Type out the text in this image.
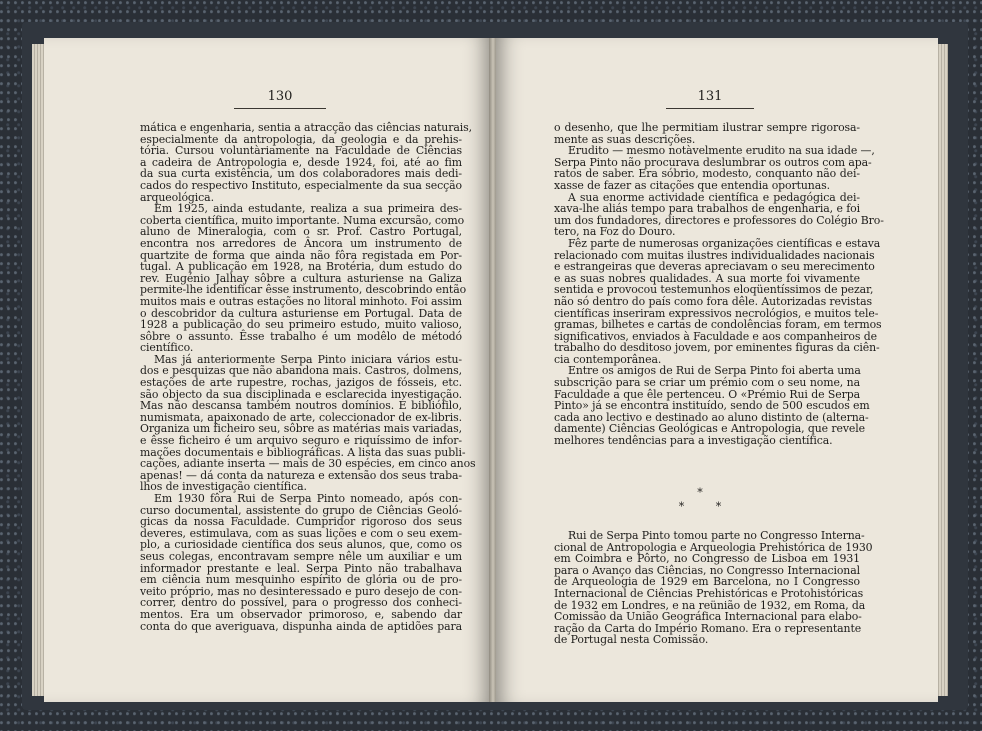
130
mática e engenharia, sentia a atracção das ciências naturais,
especialmente da antropologia, da geologia e da prehis-
tória. Cursou voluntàriamente na Faculdade de Ciências
a cadeira de Antropologia e, desde 1924, foi, até ao fim
da sua curta existência, um dos colaboradores mais dedi-
cados do respectivo Instituto, especialmente da sua secção
arqueológica.
Em 1925, ainda estudante, realiza a sua primeira des-
coberta científica, muito importante. Numa excursão, como
aluno de Mineralogia, com o sr. Prof. Castro Portugal,
encontra nos arredores de Âncora um instrumento de
quartzite de forma que ainda não fôra registada em Por-
tugal. A publicação em 1928, na Brotéria, dum estudo do
rev. Eugénio Jalhay sôbre a cultura asturiense na Galiza
permite-lhe identificar êsse instrumento, descobrindo então
muitos mais e outras estações no litoral minhoto. Foi assim
o descobridor da cultura asturiense em Portugal. Data de
1928 a publicação do seu primeiro estudo, muito valioso,
sôbre o assunto. Êsse trabalho é um modêlo de métodó
científico.
Mas já anteriormente Serpa Pinto iniciara vários estu-
dos e pesquizas que não abandona mais. Castros, dolmens,
estações de arte rupestre, rochas, jazigos de fósseis, etc.
são objecto da sua disciplinada e esclarecida investigação.
Mas não descansa também noutros domínios. É bibliófilo,
numismata, apaixonado de arte, coleccionador de ex-libris.
Organiza um ficheiro seu, sôbre as matérias mais variadas,
e êsse ficheiro é um arquivo seguro e riquíssimo de infor-
mações documentais e bibliográficas. A lista das suas publi-
cações, adiante inserta — mais de 30 espécies, em cinco anos
apenas! — dá conta da natureza e extensão dos seus traba-
lhos de investigação científica.
Em 1930 fôra Rui de Serpa Pinto nomeado, após con-
curso documental, assistente do grupo de Ciências Geoló-
gicas da nossa Faculdade. Cumpridor rigoroso dos seus
deveres, estimulava, com as suas lições e com o seu exem-
plo, a curiosidade científica dos seus alunos, que, como os
seus colegas, encontravam sempre nêle um auxiliar e um
informador prestante e leal. Serpa Pinto não trabalhava
em ciência num mesquinho espírito de glória ou de pro-
veito próprio, mas no desinteressado e puro desejo de con-
correr, dentro do possível, para o progresso dos conheci-
mentos. Era um observador primoroso, e, sabendo dar
conta do que averiguava, dispunha ainda de aptidões para
131
o desenho, que lhe permitiam ilustrar sempre rigorosa-
mente as suas descrições.
Erudito — mesmo notàvelmente erudito na sua idade —,
Serpa Pinto não procurava deslumbrar os outros com apa-
ratos de saber. Era sóbrio, modesto, conquanto não dei-
xasse de fazer as citações que entendia oportunas.
A sua enorme actividade científica e pedagógica dei-
xava-lhe aliás tempo para trabalhos de engenharia, e foi
um dos fundadores, directores e professores do Colégio Bro-
tero, na Foz do Douro.
Fêz parte de numerosas organizações científicas e estava
relacionado com muitas ilustres individualidades nacionais
e estrangeiras que deveras apreciavam o seu merecimento
e as suas nobres qualidades. A sua morte foi vivamente
sentida e provocou testemunhos eloqüentíssimos de pezar,
não só dentro do país como fora dêle. Autorizadas revistas
científicas inseriram expressivos necrológios, e muitos tele-
gramas, bilhetes e cartas de condolências foram, em termos
significativos, enviados à Faculdade e aos companheiros de
trabalho do desditoso jovem, por eminentes figuras da ciên-
cia contemporânea.
Entre os amigos de Rui de Serpa Pinto foi aberta uma
subscrição para se criar um prémio com o seu nome, na
Faculdade a que êle pertenceu. O «Prémio Rui de Serpa
Pinto» já se encontra instituído, sendo de 500 escudos em
cada ano lectivo e destinado ao aluno distinto de (alterna-
damente) Ciências Geológicas e Antropologia, que revele
melhores tendências para a investigação científica.
*
* *
Rui de Serpa Pinto tomou parte no Congresso Interna-
cional de Antropologia e Arqueologia Prehistórica de 1930
em Coimbra e Pôrto, no Congresso de Lisboa em 1931
para o Avanço das Ciências, no Congresso Internacional
de Arqueologia de 1929 em Barcelona, no I Congresso
Internacional de Ciências Prehistóricas e Protohistóricas
de 1932 em Londres, e na reünião de 1932, em Roma, da
Comissão da União Geográfica Internacional para elabo-
ração da Carta do Império Romano. Era o representante
de Portugal nesta Comissão.
